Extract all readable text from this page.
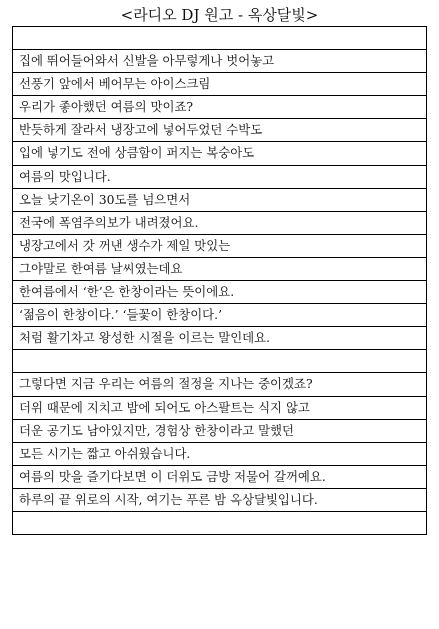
<라디오 DJ 원고 - 옥상달빛>
집에 뛰어들어와서 신발을 아무렇게나 벗어놓고
선풍기 앞에서 베어무는 아이스크림
우리가 좋아했던 여름의 맛이죠?
반듯하게 잘라서 냉장고에 넣어두었던 수박도
입에 넣기도 전에 상큼함이 퍼지는 복숭아도
여름의 맛입니다.
오늘 낮기온이 30도를 넘으면서
전국에 폭염주의보가 내려졌어요.
냉장고에서 갓 꺼낸 생수가 제일 맛있는
그야말로 한여름 날씨였는데요
한여름에서 ‘한’은 한창이라는 뜻이에요.
‘젊음이 한창이다.’ ‘들꽃이 한창이다.’
처럼 활기차고 왕성한 시절을 이르는 말인데요.
그렇다면 지금 우리는 여름의 절정을 지나는 중이겠죠?
더위 때문에 지치고 밤에 되어도 아스팔트는 식지 않고
더운 공기도 남아있지만, 경험상 한창이라고 말했던
모든 시기는 짧고 아쉬웠습니다.
여름의 맛을 즐기다보면 이 더위도 금방 저물어 갈꺼예요.
하루의 끝 위로의 시작, 여기는 푸른 밤 옥상달빛입니다.
